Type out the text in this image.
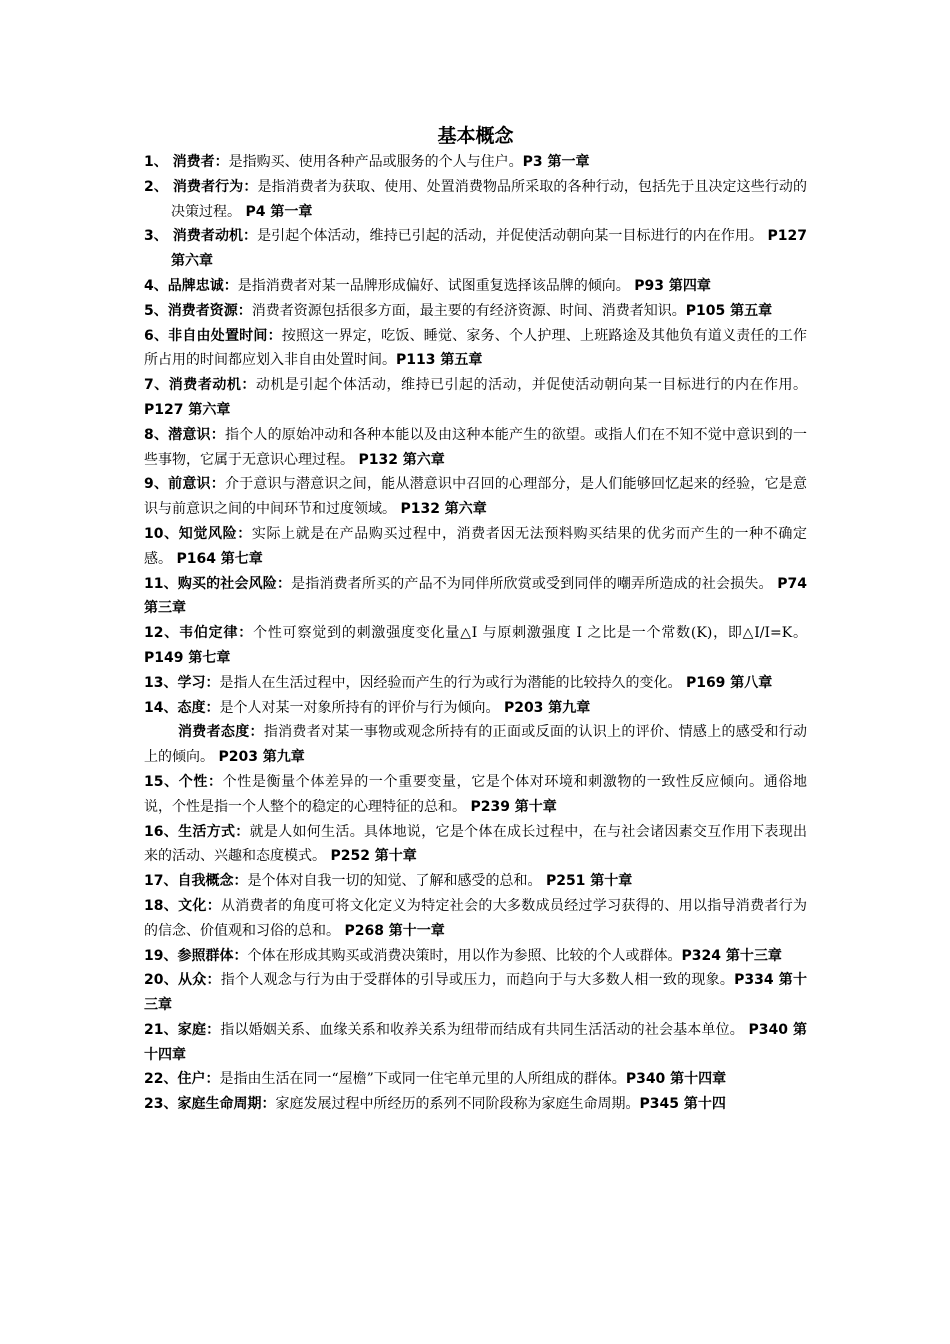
基本概念

1、 消费者：是指购买、使用各种产品或服务的个人与住户。P3 第一章

2、 消费者行为：是指消费者为获取、使用、处置消费物品所采取的各种行动，包括先于且决定这些行动的决策过程。 P4 第一章

3、 消费者动机：是引起个体活动，维持已引起的活动，并促使活动朝向某一目标进行的内在作用。 P127 第六章

4、品牌忠诚：是指消费者对某一品牌形成偏好、试图重复选择该品牌的倾向。 P93 第四章

5、消费者资源：消费者资源包括很多方面，最主要的有经济资源、时间、消费者知识。P105 第五章

6、非自由处置时间：按照这一界定，吃饭、睡觉、家务、个人护理、上班路途及其他负有道义责任的工作所占用的时间都应划入非自由处置时间。P113 第五章

7、消费者动机：动机是引起个体活动，维持已引起的活动，并促使活动朝向某一目标进行的内在作用。 P127 第六章

8、潜意识：指个人的原始冲动和各种本能以及由这种本能产生的欲望。或指人们在不知不觉中意识到的一些事物，它属于无意识心理过程。 P132 第六章

9、前意识：介于意识与潜意识之间，能从潜意识中召回的心理部分，是人们能够回忆起来的经验，它是意识与前意识之间的中间环节和过度领域。 P132 第六章

10、知觉风险：实际上就是在产品购买过程中，消费者因无法预料购买结果的优劣而产生的一种不确定感。 P164 第七章

11、购买的社会风险：是指消费者所买的产品不为同伴所欣赏或受到同伴的嘲弄所造成的社会损失。 P74 第三章

12、韦伯定律：个性可察觉到的刺激强度变化量△I 与原刺激强度 I 之比是一个常数(K)，即△I/I=K。 P149 第七章

13、学习：是指人在生活过程中，因经验而产生的行为或行为潜能的比较持久的变化。 P169 第八章

14、态度：是个人对某一对象所持有的评价与行为倾向。 P203 第九章

消费者态度：指消费者对某一事物或观念所持有的正面或反面的认识上的评价、情感上的感受和行动上的倾向。 P203 第九章

15、个性：个性是衡量个体差异的一个重要变量，它是个体对环境和刺激物的一致性反应倾向。通俗地说，个性是指一个人整个的稳定的心理特征的总和。 P239 第十章

16、生活方式：就是人如何生活。具体地说，它是个体在成长过程中，在与社会诸因素交互作用下表现出来的活动、兴趣和态度模式。 P252 第十章

17、自我概念：是个体对自我一切的知觉、了解和感受的总和。 P251 第十章

18、文化：从消费者的角度可将文化定义为特定社会的大多数成员经过学习获得的、用以指导消费者行为的信念、价值观和习俗的总和。 P268 第十一章

19、参照群体：个体在形成其购买或消费决策时，用以作为参照、比较的个人或群体。P324 第十三章

20、从众：指个人观念与行为由于受群体的引导或压力，而趋向于与大多数人相一致的现象。P334 第十三章

21、家庭：指以婚姻关系、血缘关系和收养关系为纽带而结成有共同生活活动的社会基本单位。 P340 第十四章

22、住户：是指由生活在同一“屋檐”下或同一住宅单元里的人所组成的群体。P340 第十四章

23、家庭生命周期：家庭发展过程中所经历的系列不同阶段称为家庭生命周期。P345 第十四
